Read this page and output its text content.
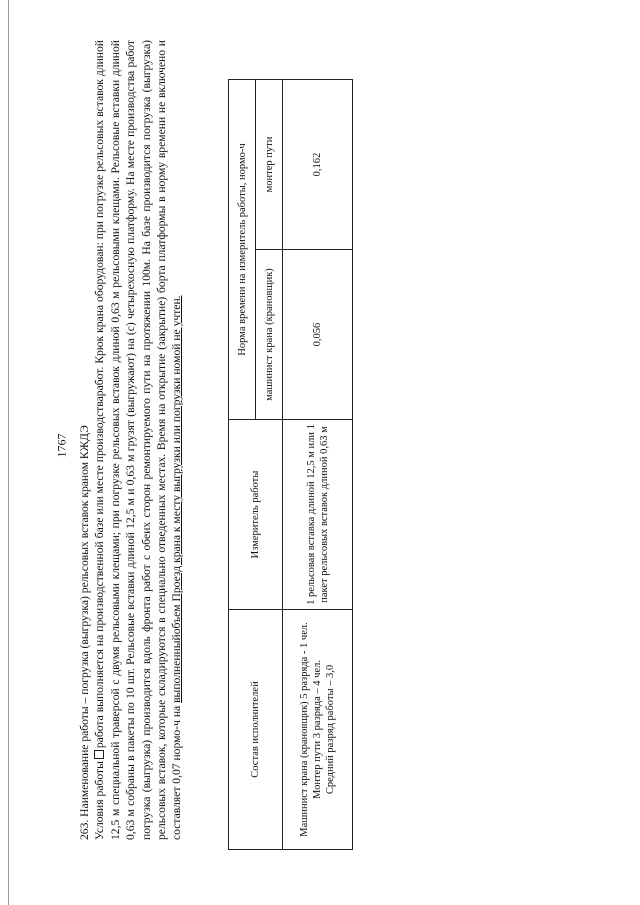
1767 263. Наименование работы – погрузка (выгрузка) рельсовых вставок краном КЖДЭ Условия работыработа выполняется на производственной базе или месте производстваработ. Крюк крана оборудован: при погрузке рельсовых вставок длиной 12,5 м специальной траверсой с двумя рельсовыми клещами; при погрузке рельсовых вставок длиной 0,63 м рельсовыми клещами. Рельсовые вставки длиной 0,63 м собраны в пакеты по 10 шт. Рельсовые вставки длиной 12,5 м и 0,63 м грузят (выгружают) на (с) четырехосную платформу. На месте производства работ погрузка (выгрузка) производится вдоль фронта работ с обеих сторон ремонтируемого пути на протяжении 100м. На базе производится погрузка (выгрузка) рельсовых вставок, которые складируются в специально отведенных местах. Время на открытие (закрытие) борта платформы в норму времени не включено и составляет 0,07 нормо-ч на выполненныйобъем Проезд крана к месту выгрузки или погрузки номой не учтен.

Состав исполнителей	Измеритель работы	Норма времени на измеритель работы, нормо-ч	
		машинист крана (крановщик)	монтер пути

Машинист крана (крановщик) 5 разряда - 1 чел. Монтер пути 3 разряда – 4 чел. Средний разряд работы – 3,0	1 рельсовая вставка длиной 12,5 м или 1 пакет рельсовых вставок длиной 0,63 м	0,056	0,162
